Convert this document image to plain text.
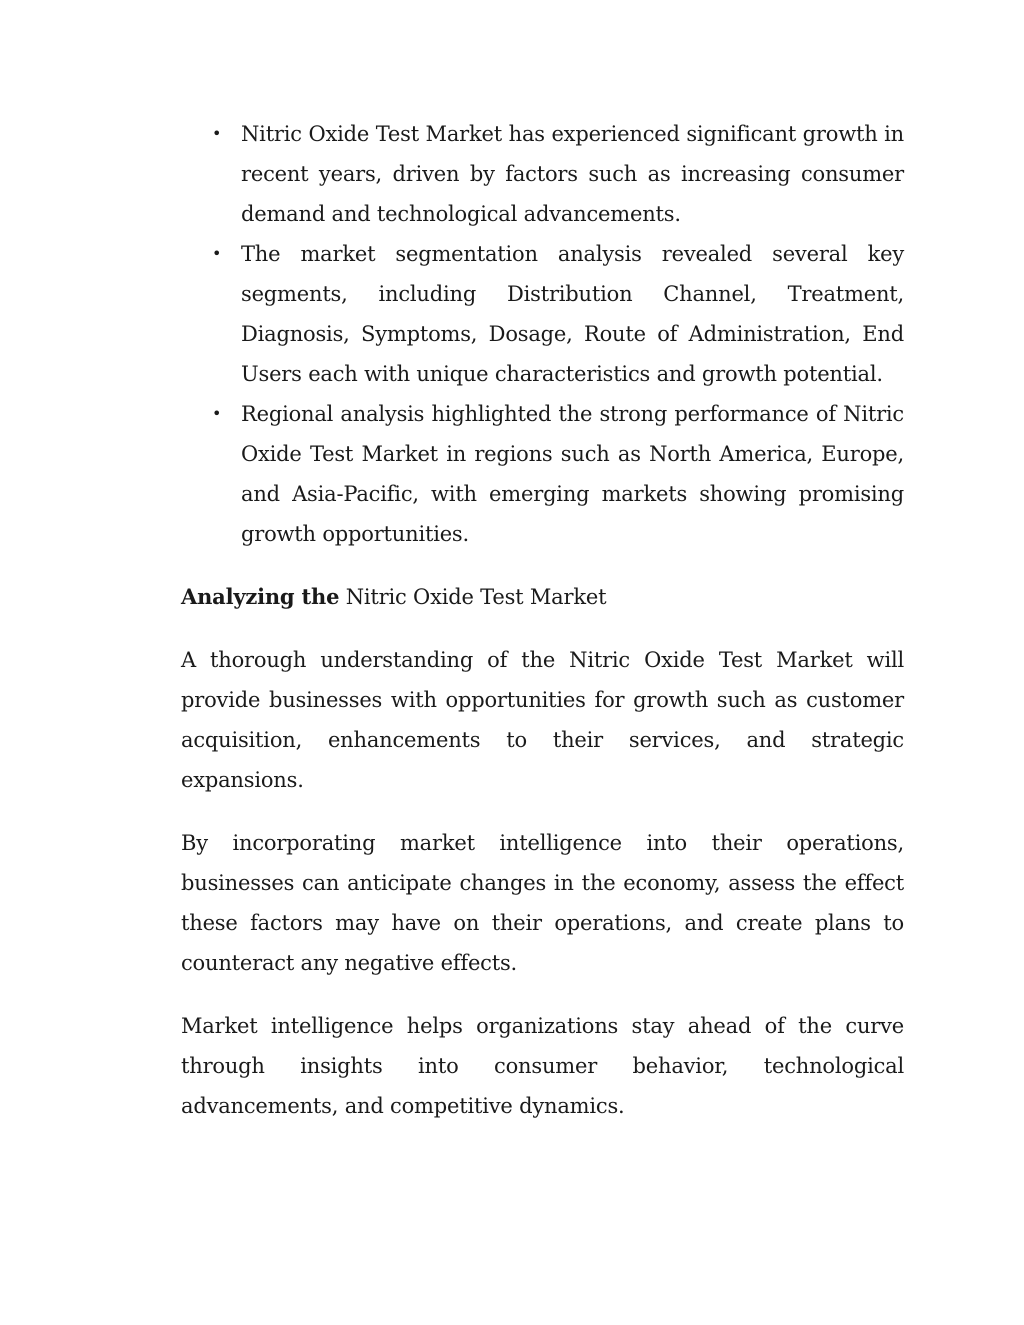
• Nitric Oxide Test Market has experienced significant growth in recent years, driven by factors such as increasing consumer demand and technological advancements.
• The market segmentation analysis revealed several key segments, including Distribution Channel, Treatment, Diagnosis, Symptoms, Dosage, Route of Administration, End Users each with unique characteristics and growth potential.
• Regional analysis highlighted the strong performance of Nitric Oxide Test Market in regions such as North America, Europe, and Asia-Pacific, with emerging markets showing promising growth opportunities.
Analyzing the Nitric Oxide Test Market

A thorough understanding of the Nitric Oxide Test Market will provide businesses with opportunities for growth such as customer acquisition, enhancements to their services, and strategic expansions.

By incorporating market intelligence into their operations, businesses can anticipate changes in the economy, assess the effect these factors may have on their operations, and create plans to counteract any negative effects.

Market intelligence helps organizations stay ahead of the curve through insights into consumer behavior, technological advancements, and competitive dynamics.
